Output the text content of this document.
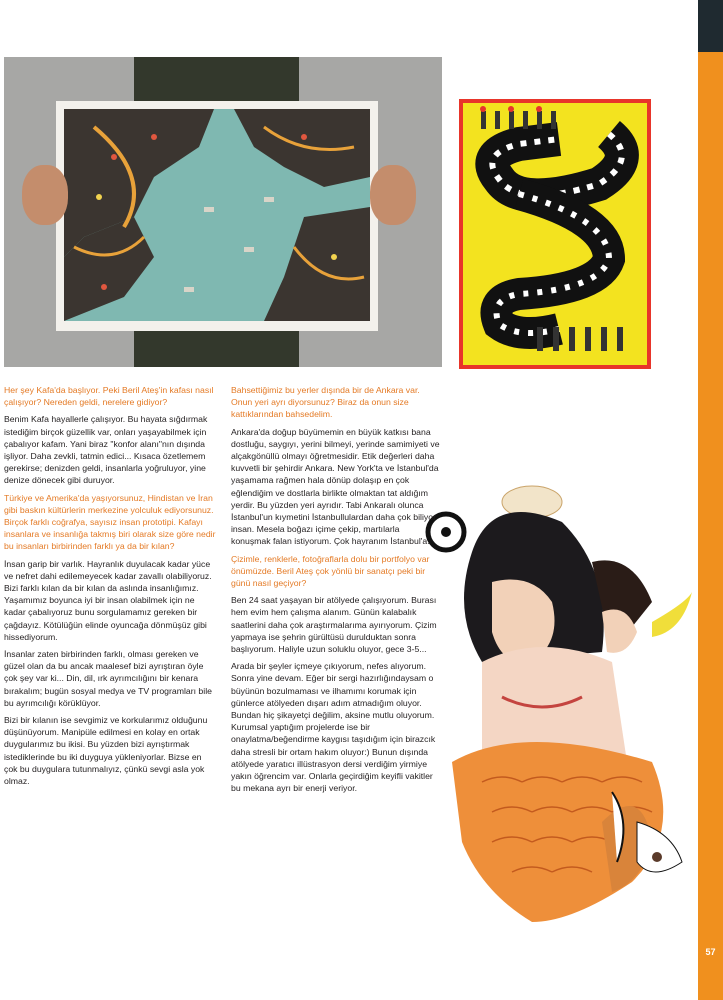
57

Her şey Kafa'da başlıyor. Peki Beril Ateş'in kafası nasıl çalışıyor? Nereden geldi, nerelere gidiyor?

Benim Kafa hayallerle çalışıyor. Bu hayata sığdırmak istediğim birçok güzellik var, onları yaşayabilmek için çabalıyor kafam. Yani biraz "konfor alanı"nın dışında işliyor. Daha zevkli, tatmin edici... Kısaca özetlemem gerekirse; denizden geldi, insanlarla yoğruluyor, yine denize dönecek gibi duruyor.

Türkiye ve Amerika'da yaşıyorsunuz, Hindistan ve İran gibi baskın kültürlerin merkezine yolculuk ediyorsunuz. Birçok farklı coğrafya, sayısız insan prototipi. Kafayı insanlara ve insanlığa takmış biri olarak size göre nedir bu insanları birbirinden farklı ya da bir kılan?

İnsan garip bir varlık. Hayranlık duyulacak kadar yüce ve nefret dahi edilemeyecek kadar zavallı olabiliyoruz. Bizi farklı kılan da bir kılan da aslında insanlığımız. Yaşamımız boyunca iyi bir insan olabilmek için ne kadar çabalıyoruz bunu sorgulamamız gereken bir çağdayız. Kötülüğün elinde oyuncağa dönmüşüz gibi hissediyorum.

İnsanlar zaten birbirinden farklı, olması gereken ve güzel olan da bu ancak maalesef bizi ayrıştıran öyle çok şey var ki... Din, dil, ırk ayrımcılığını bir kenara bırakalım; bugün sosyal medya ve TV programları bile bu ayrımcılığı körüklüyor.

Bizi bir kılanın ise sevgimiz ve korkularımız olduğunu düşünüyorum. Manipüle edilmesi en kolay en ortak duygularımız bu ikisi. Bu yüzden bizi ayrıştırmak istediklerinde bu iki duyguya yükleniyorlar. Bizse en çok bu duygulara tutunmalıyız, çünkü sevgi asla yok olmaz.

Bahsettiğimiz bu yerler dışında bir de Ankara var. Onun yeri ayrı diyorsunuz? Biraz da onun size kattıklarından bahsedelim.

Ankara'da doğup büyümemin en büyük katkısı bana dostluğu, saygıyı, yerini bilmeyi, yerinde samimiyeti ve alçakgönüllü olmayı öğretmesidir. Etik değerleri daha kuvvetli bir şehirdir Ankara. New York'ta ve İstanbul'da yaşamama rağmen hala dönüp dolaşıp en çok eğlendiğim ve dostlarla birlikte olmaktan tat aldığım yerdir. Bu yüzden yeri ayrıdır. Tabi Ankaralı olunca İstanbul'un kıymetini İstanbullulardan daha çok biliyor insan. Mesela boğazı içime çekip, martılarla konuşmak falan istiyorum. Çok hayranım İstanbul'a.

Çizimle, renklerle, fotoğraflarla dolu bir portfolyo var önümüzde. Beril Ateş çok yönlü bir sanatçı peki bir günü nasıl geçiyor?

Ben 24 saat yaşayan bir atölyede çalışıyorum. Burası hem evim hem çalışma alanım. Günün kalabalık saatlerini daha çok araştırmalarıma ayırıyorum. Çizim yapmaya ise şehrin gürültüsü durulduktan sonra başlıyorum. Haliyle uzun soluklu oluyor, gece 3-5...

Arada bir şeyler içmeye çıkıyorum, nefes alıyorum. Sonra yine devam. Eğer bir sergi hazırlığındaysam o büyünün bozulmaması ve ilhamımı korumak için günlerce atölyeden dışarı adım atmadığım oluyor. Bundan hiç şikayetçi değilim, aksine mutlu oluyorum. Kurumsal yaptığım projelerde ise bir onaylatma/beğendirme kaygısı taşıdığım için birazcık daha stresli bir ortam hakım oluyor:) Bunun dışında atölyede yaratıcı illüstrasyon dersi verdiğim yirmiye yakın öğrencim var. Onlarla geçirdiğim keyifli vakitler bu mekana ayrı bir enerji veriyor.
